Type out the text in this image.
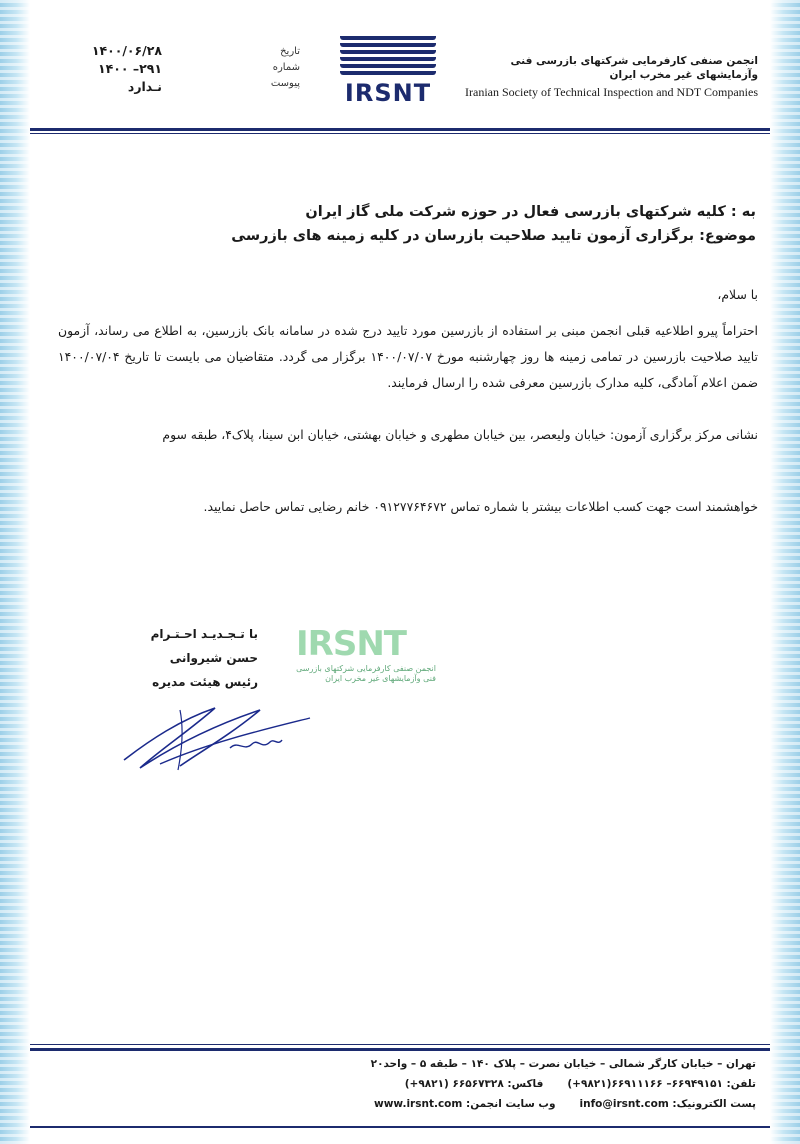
۱۴۰۰/۰۶/۲۸
۲۹۱– ۱۴۰۰
نـدارد
تاریخ
شماره
پیوست IRSNT
انجمن صنفی کارفرمایی شرکتهای بازرسی فنی وآزمایشهای غیر مخرب ایران
Iranian Society of Technical Inspection and NDT Companies
به : کلیه شرکتهای بازرسی فعال در حوزه شرکت ملی گاز ایران
موضوع: برگزاری آزمون تایید صلاحیت بازرسان در کلیه زمینه های بازرسی
با سلام،
احتراماً پیرو اطلاعیه قبلی انجمن مبنی بر استفاده از بازرسین مورد تایید درج شده در سامانه بانک بازرسین، به اطلاع می رساند، آزمون تایید صلاحیت بازرسین در تمامی زمینه ها روز چهارشنبه مورخ ۱۴۰۰/۰۷/۰۷ برگزار می گردد. متقاضیان می بایست تا تاریخ ۱۴۰۰/۰۷/۰۴ ضمن اعلام آمادگی، کلیه مدارک بازرسین معرفی شده را ارسال فرمایند.
نشانی مرکز برگزاری آزمون: خیابان ولیعصر، بین خیابان مطهری و خیابان بهشتی، خیابان ابن سینا، پلاک۴، طبقه سوم
خواهشمند است جهت کسب اطلاعات بیشتر با شماره تماس ۰۹۱۲۷۷۶۴۶۷۲ خانم رضایی تماس حاصل نمایید.
با تـجـدیـد احـتـرام
حسن شیروانی
رئیس هیئت مدیره
IRSNT
انجمن صنفی کارفرمایی شرکتهای بازرسی فنی وآزمایشهای غیر مخرب ایران
تهران – خیابان کارگر شمالی – خیابان نصرت – پلاک ۱۴۰ – طبقه ۵ – واحد۲۰
تلفن: ۶۶۹۴۹۱۵۱– ۶۶۹۱۱۱۶۶(۹۸۲۱+)
فاکس: ۶۶۵۶۷۳۲۸ (۹۸۲۱+)
پست الکترونیک: info@irsnt.com
وب سایت انجمن: www.irsnt.com
